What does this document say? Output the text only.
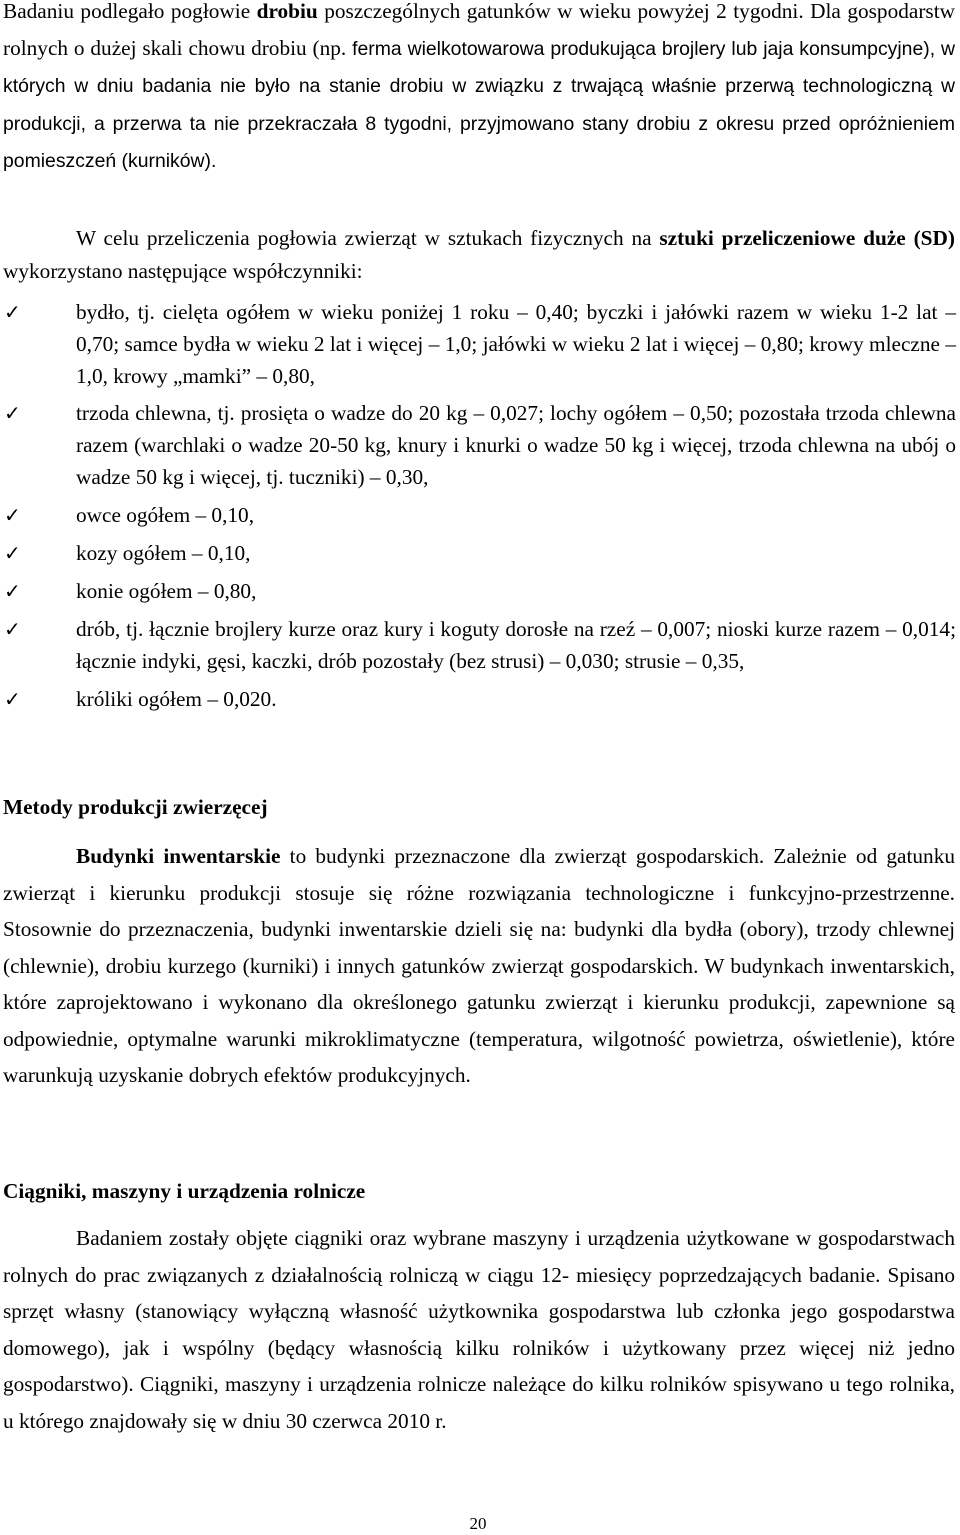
Badaniu podlegało pogłowie drobiu poszczególnych gatunków w wieku powyżej 2 tygodni. Dla gospodarstw rolnych o dużej skali chowu drobiu (np. ferma wielkotowarowa produkująca brojlery lub jaja konsumpcyjne), w których w dniu badania nie było na stanie drobiu w związku z trwającą właśnie przerwą technologiczną w produkcji, a przerwa ta nie przekraczała 8 tygodni, przyjmowano stany drobiu z okresu przed opróżnieniem pomieszczeń (kurników).

W celu przeliczenia pogłowia zwierząt w sztukach fizycznych na sztuki przeliczeniowe duże (SD) wykorzystano następujące współczynniki:

✓	bydło, tj. cielęta ogółem w wieku poniżej 1 roku – 0,40; byczki i jałówki razem w wieku 1-2 lat – 0,70; samce bydła w wieku 2 lat i więcej – 1,0; jałówki w wieku 2 lat i więcej – 0,80; krowy mleczne – 1,0, krowy „mamki” – 0,80,
✓	trzoda chlewna, tj. prosięta o wadze do 20 kg – 0,027; lochy ogółem – 0,50; pozostała trzoda chlewna razem (warchlaki o wadze 20-50 kg, knury i knurki o wadze 50 kg i więcej, trzoda chlewna na ubój o wadze 50 kg i więcej, tj. tuczniki) – 0,30,
✓	owce ogółem – 0,10,
✓	kozy ogółem – 0,10,
✓	konie ogółem – 0,80,
✓	drób, tj. łącznie brojlery kurze oraz kury i koguty dorosłe na rzeź – 0,007; nioski kurze razem – 0,014; łącznie indyki, gęsi, kaczki, drób pozostały (bez strusi) – 0,030; strusie – 0,35,
✓	króliki ogółem – 0,020.
Metody produkcji zwierzęcej

Budynki inwentarskie to budynki przeznaczone dla zwierząt gospodarskich. Zależnie od gatunku zwierząt i kierunku produkcji stosuje się różne rozwiązania technologiczne i funkcyjno-przestrzenne. Stosownie do przeznaczenia, budynki inwentarskie dzieli się na: budynki dla bydła (obory), trzody chlewnej (chlewnie), drobiu kurzego (kurniki) i innych gatunków zwierząt gospodarskich. W budynkach inwentarskich, które zaprojektowano i wykonano dla określonego gatunku zwierząt i kierunku produkcji, zapewnione są odpowiednie, optymalne warunki mikroklimatyczne (temperatura, wilgotność powietrza, oświetlenie), które warunkują uzyskanie dobrych efektów produkcyjnych.

Ciągniki, maszyny i urządzenia rolnicze

Badaniem zostały objęte ciągniki oraz wybrane maszyny i urządzenia użytkowane w gospodarstwach rolnych do prac związanych z działalnością rolniczą w ciągu 12- miesięcy poprzedzających badanie. Spisano sprzęt własny (stanowiący wyłączną własność użytkownika gospodarstwa lub członka jego gospodarstwa domowego), jak i wspólny (będący własnością kilku rolników i użytkowany przez więcej niż jedno gospodarstwo). Ciągniki, maszyny i urządzenia rolnicze należące do kilku rolników spisywano u tego rolnika, u którego znajdowały się w dniu 30 czerwca 2010 r.

20
